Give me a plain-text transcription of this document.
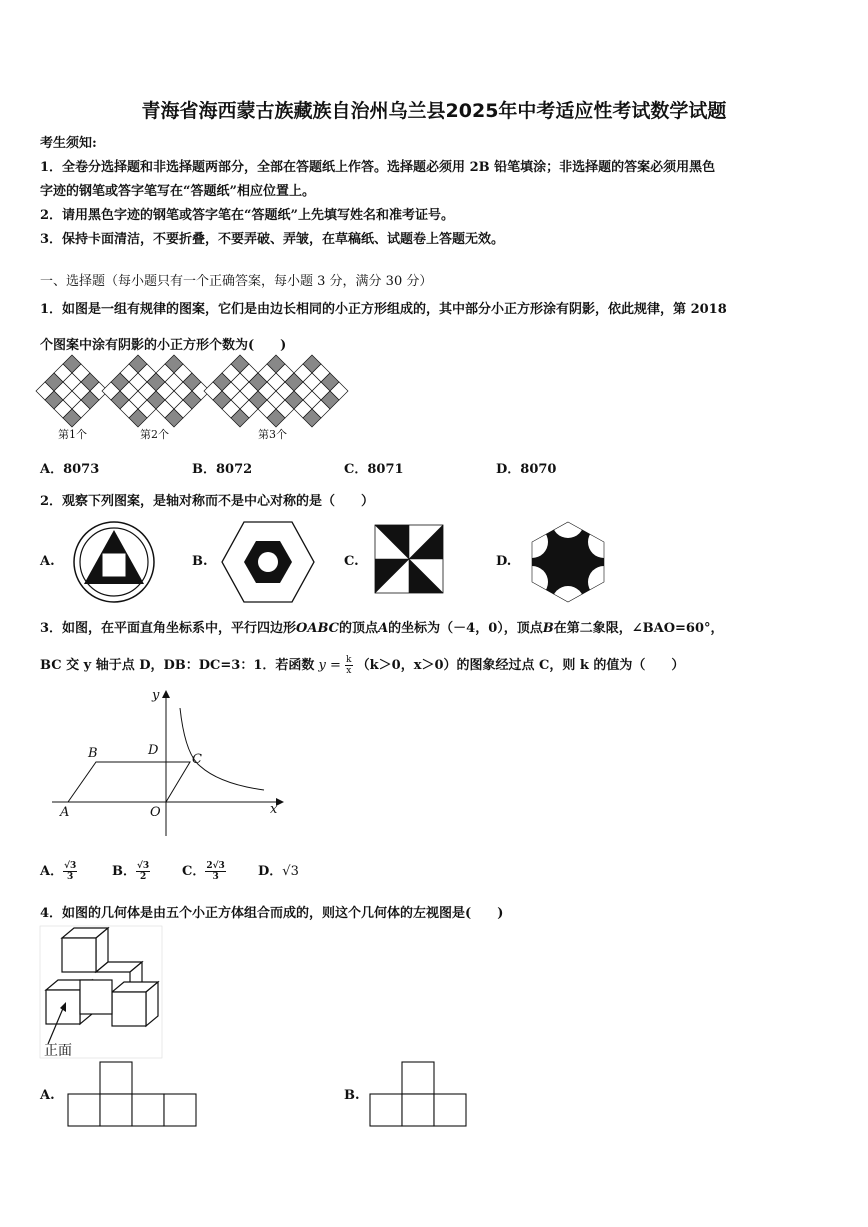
青海省海西蒙古族藏族自治州乌兰县2025年中考适应性考试数学试题
考生须知:
1．全卷分选择题和非选择题两部分，全部在答题纸上作答。选择题必须用 2B 铅笔填涂；非选择题的答案必须用黑色
字迹的钢笔或答字笔写在“答题纸”相应位置上。
2．请用黑色字迹的钢笔或答字笔在“答题纸”上先填写姓名和准考证号。
3．保持卡面清洁，不要折叠，不要弄破、弄皱，在草稿纸、试题卷上答题无效。
一、选择题（每小题只有一个正确答案，每小题 3 分，满分 30 分）
1．如图是一组有规律的图案，它们是由边长相同的小正方形组成的，其中部分小正方形涂有阴影，依此规律，第 2018
个图案中涂有阴影的小正方形个数为(　　)
第1个	第2个	第3个
A．8073	B．8072	C．8071	D．8070
2．观察下列图案，是轴对称而不是中心对称的是（　　）
A.	B.	C.	D.
3．如图，在平面直角坐标系中，平行四边形OABC的顶点A的坐标为（－4，0），顶点B在第二象限，∠BAO=60°，
BC 交 y 轴于点 D，DB：DC=3：1．若函数 $y = \frac{k}{x} (k>0$，x＞0）的图象经过点 C，则 k 的值为（　　）
y
x
B	D
C
A	O
A． $\frac{√3}{3}$	B． $\frac{√3}{2}$ C． $\frac{2√3}{3}$ D．√3
4．如图的几何体是由五个小正方体组合而成的，则这个几何体的左视图是(　　)
正面
A.	B.
